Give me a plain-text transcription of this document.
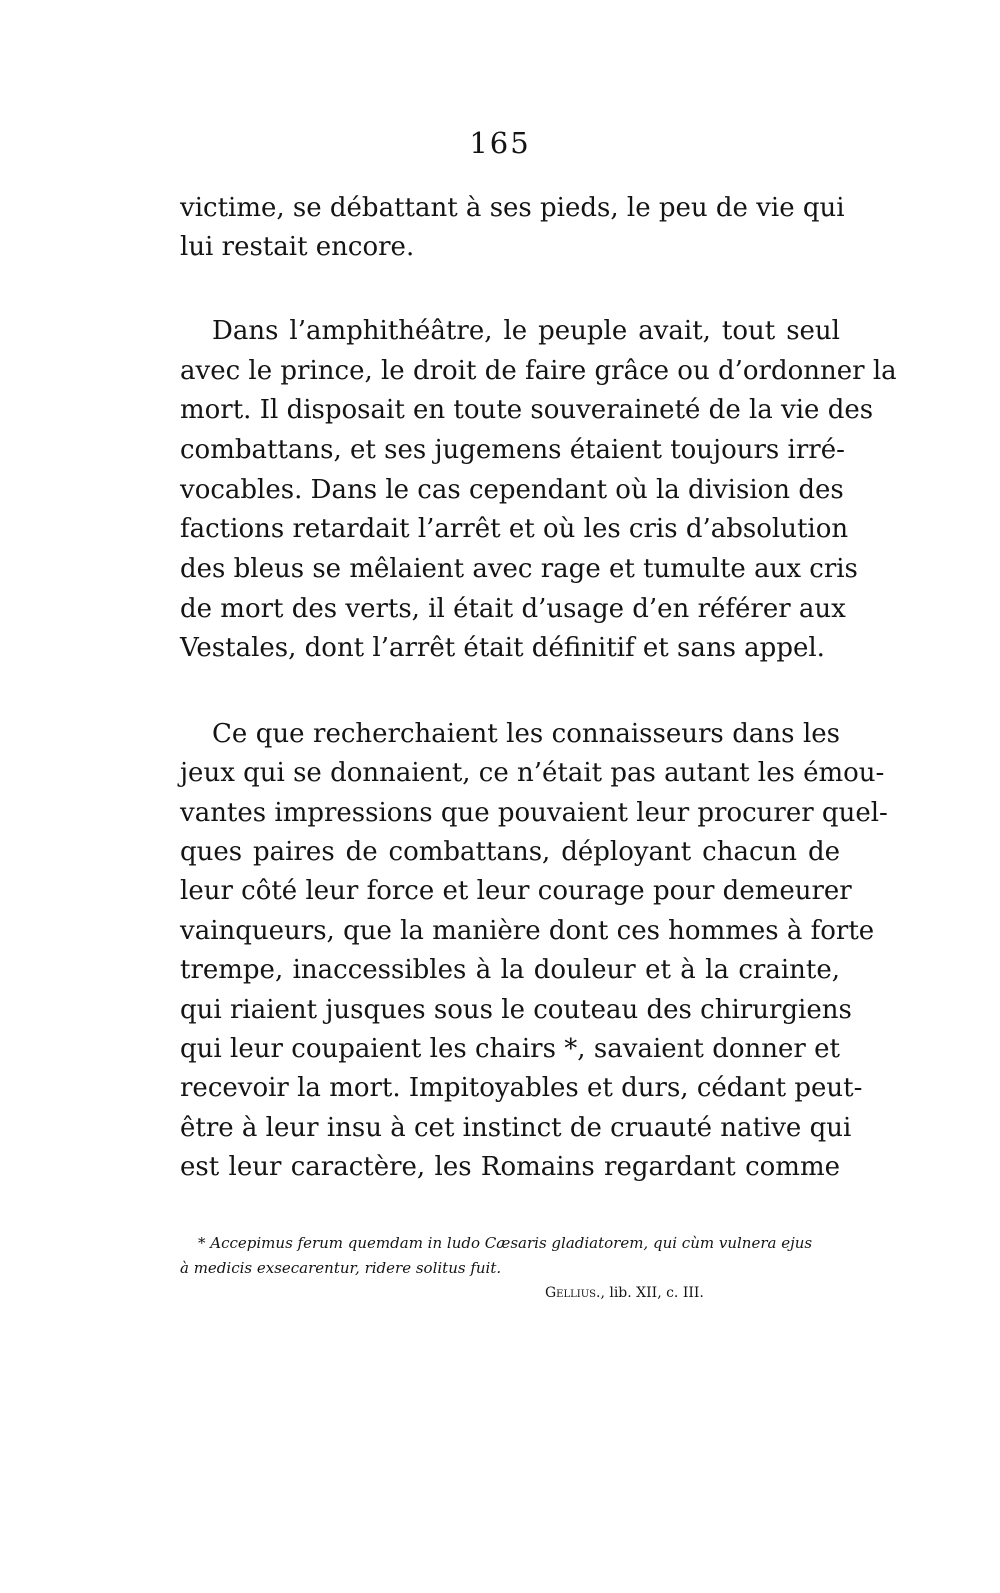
165
victime, se débattant à ses pieds, le peu de vie qui
lui restait encore.
Dans l’amphithéâtre, le peuple avait, tout seul
avec le prince, le droit de faire grâce ou d’ordonner la
mort. Il disposait en toute souveraineté de la vie des
combattans, et ses jugemens étaient toujours irré-
vocables. Dans le cas cependant où la division des
factions retardait l’arrêt et où les cris d’absolution
des bleus se mêlaient avec rage et tumulte aux cris
de mort des verts, il était d’usage d’en référer aux
Vestales, dont l’arrêt était définitif et sans appel.
Ce que recherchaient les connaisseurs dans les
jeux qui se donnaient, ce n’était pas autant les émou-
vantes impressions que pouvaient leur procurer quel-
ques paires de combattans, déployant chacun de
leur côté leur force et leur courage pour demeurer
vainqueurs, que la manière dont ces hommes à forte
trempe, inaccessibles à la douleur et à la crainte,
qui riaient jusques sous le couteau des chirurgiens
qui leur coupaient les chairs *, savaient donner et
recevoir la mort. Impitoyables et durs, cédant peut-
être à leur insu à cet instinct de cruauté native qui
est leur caractère, les Romains regardant comme
* Accepimus ferum quemdam in ludo Cæsaris gladiatorem, qui cùm vulnera ejus
à medicis exsecarentur, ridere solitus fuit.
Gellius., lib. XII, c. III.
